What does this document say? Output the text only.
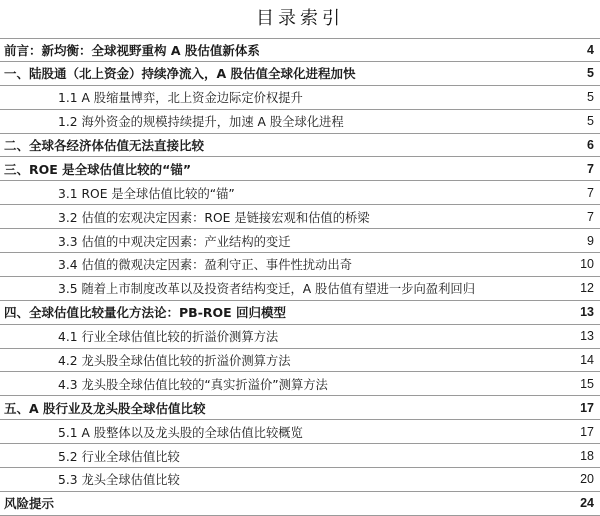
目录索引
前言：新均衡：全球视野重构 A 股估值新体系	4
一、陆股通（北上资金）持续净流入，A 股估值全球化进程加快	5
1.1 A 股缩量博弈，北上资金边际定价权提升	5
1.2 海外资金的规模持续提升，加速 A 股全球化进程	5
二、全球各经济体估值无法直接比较	6
三、ROE 是全球估值比较的“锚”	7
3.1 ROE 是全球估值比较的“锚”	7
3.2 估值的宏观决定因素：ROE 是链接宏观和估值的桥梁	7
3.3 估值的中观决定因素：产业结构的变迁	9
3.4 估值的微观决定因素：盈利守正、事件性扰动出奇	10
3.5 随着上市制度改革以及投资者结构变迁，A 股估值有望进一步向盈利回归	12
四、全球估值比较量化方法论：PB-ROE 回归模型	13
4.1 行业全球估值比较的折溢价测算方法	13
4.2 龙头股全球估值比较的折溢价测算方法	14
4.3 龙头股全球估值比较的“真实折溢价”测算方法	15
五、A 股行业及龙头股全球估值比较	17
5.1 A 股整体以及龙头股的全球估值比较概览	17
5.2 行业全球估值比较	18
5.3 龙头全球估值比较	20
风险提示	24
